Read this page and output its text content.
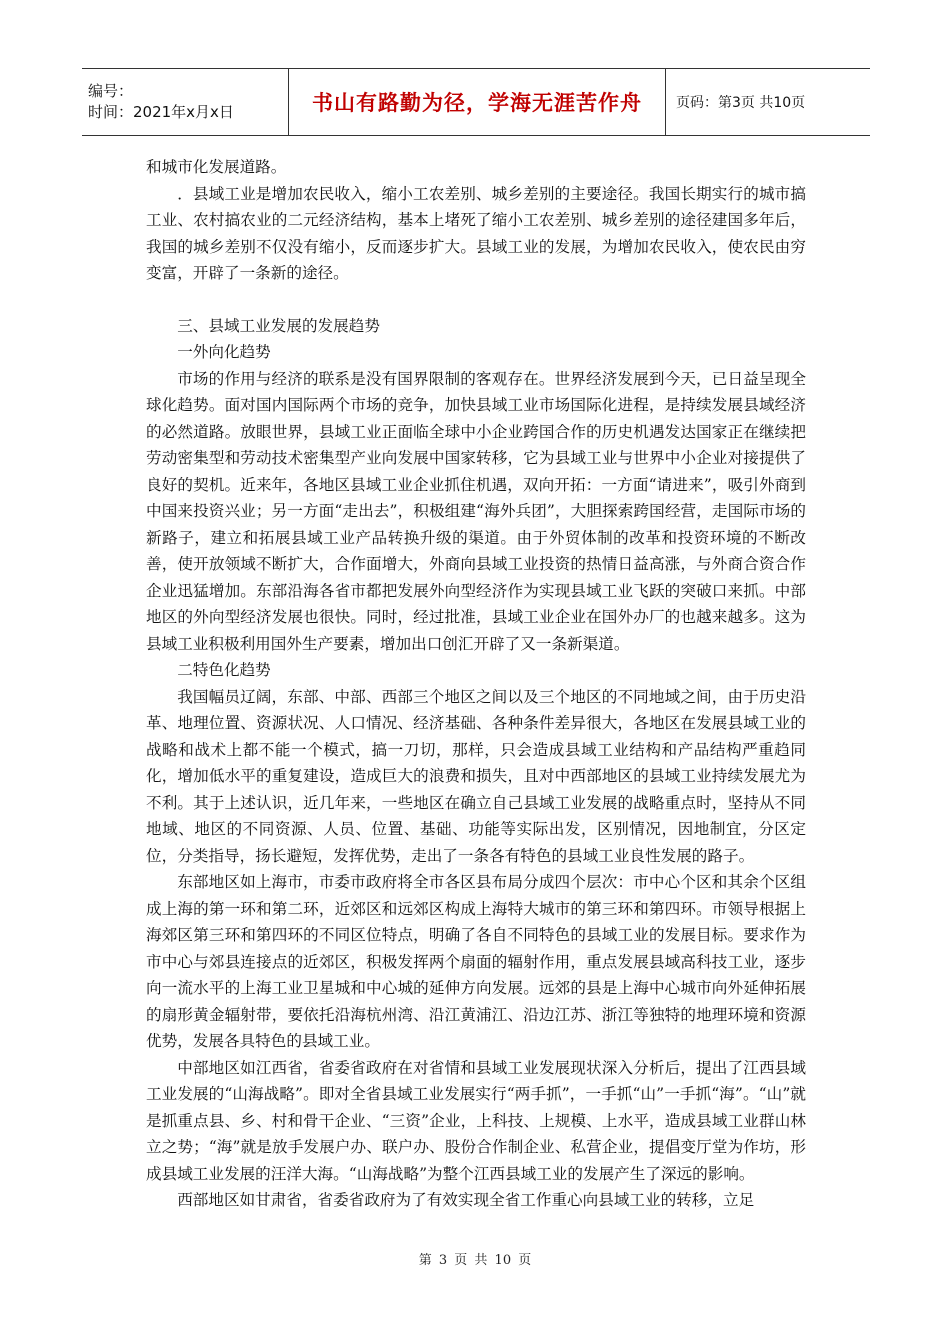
编号：
时间：2021年x月x日	书山有路勤为径，学海无涯苦作舟 页码：第3页 共10页

和城市化发展道路。

．县域工业是增加农民收入，缩小工农差别、城乡差别的主要途径。我国长期实行的城市搞工业、农村搞农业的二元经济结构，基本上堵死了缩小工农差别、城乡差别的途径建国多年后，我国的城乡差别不仅没有缩小，反而逐步扩大。县域工业的发展，为增加农民收入，使农民由穷变富，开辟了一条新的途径。

三、县域工业发展的发展趋势

一外向化趋势

市场的作用与经济的联系是没有国界限制的客观存在。世界经济发展到今天，已日益呈现全球化趋势。面对国内国际两个市场的竞争，加快县域工业市场国际化进程，是持续发展县域经济的必然道路。放眼世界，县域工业正面临全球中小企业跨国合作的历史机遇发达国家正在继续把劳动密集型和劳动技术密集型产业向发展中国家转移，它为县域工业与世界中小企业对接提供了良好的契机。近来年，各地区县域工业企业抓住机遇，双向开拓：一方面“请进来”，吸引外商到中国来投资兴业；另一方面“走出去”，积极组建“海外兵团”，大胆探索跨国经营，走国际市场的新路子，建立和拓展县域工业产品转换升级的渠道。由于外贸体制的改革和投资环境的不断改善，使开放领域不断扩大，合作面增大，外商向县域工业投资的热情日益高涨，与外商合资合作企业迅猛增加。东部沿海各省市都把发展外向型经济作为实现县域工业飞跃的突破口来抓。中部地区的外向型经济发展也很快。同时，经过批准，县域工业企业在国外办厂的也越来越多。这为县域工业积极利用国外生产要素，增加出口创汇开辟了又一条新渠道。

二特色化趋势

我国幅员辽阔，东部、中部、西部三个地区之间以及三个地区的不同地域之间，由于历史沿革、地理位置、资源状况、人口情况、经济基础、各种条件差异很大，各地区在发展县域工业的战略和战术上都不能一个模式，搞一刀切，那样，只会造成县域工业结构和产品结构严重趋同化，增加低水平的重复建设，造成巨大的浪费和损失，且对中西部地区的县域工业持续发展尤为不利。其于上述认识，近几年来，一些地区在确立自己县域工业发展的战略重点时，坚持从不同地域、地区的不同资源、人员、位置、基础、功能等实际出发，区别情况，因地制宜，分区定位，分类指导，扬长避短，发挥优势，走出了一条各有特色的县域工业良性发展的路子。

东部地区如上海市，市委市政府将全市各区县布局分成四个层次：市中心个区和其余个区组成上海的第一环和第二环，近郊区和远郊区构成上海特大城市的第三环和第四环。市领导根据上海郊区第三环和第四环的不同区位特点，明确了各自不同特色的县域工业的发展目标。要求作为市中心与郊县连接点的近郊区，积极发挥两个扇面的辐射作用，重点发展县域高科技工业，逐步向一流水平的上海工业卫星城和中心城的延伸方向发展。远郊的县是上海中心城市向外延伸拓展的扇形黄金辐射带，要依托沿海杭州湾、沿江黄浦江、沿边江苏、浙江等独特的地理环境和资源优势，发展各具特色的县域工业。

中部地区如江西省，省委省政府在对省情和县域工业发展现状深入分析后，提出了江西县域工业发展的“山海战略”。即对全省县域工业发展实行“两手抓”，一手抓“山”一手抓“海”。“山”就是抓重点县、乡、村和骨干企业、“三资”企业，上科技、上规模、上水平，造成县域工业群山林立之势；“海”就是放手发展户办、联户办、股份合作制企业、私营企业，提倡变厅堂为作坊，形成县域工业发展的汪洋大海。“山海战略”为整个江西县域工业的发展产生了深远的影响。

西部地区如甘肃省，省委省政府为了有效实现全省工作重心向县域工业的转移，立足

第 3 页 共 10 页
